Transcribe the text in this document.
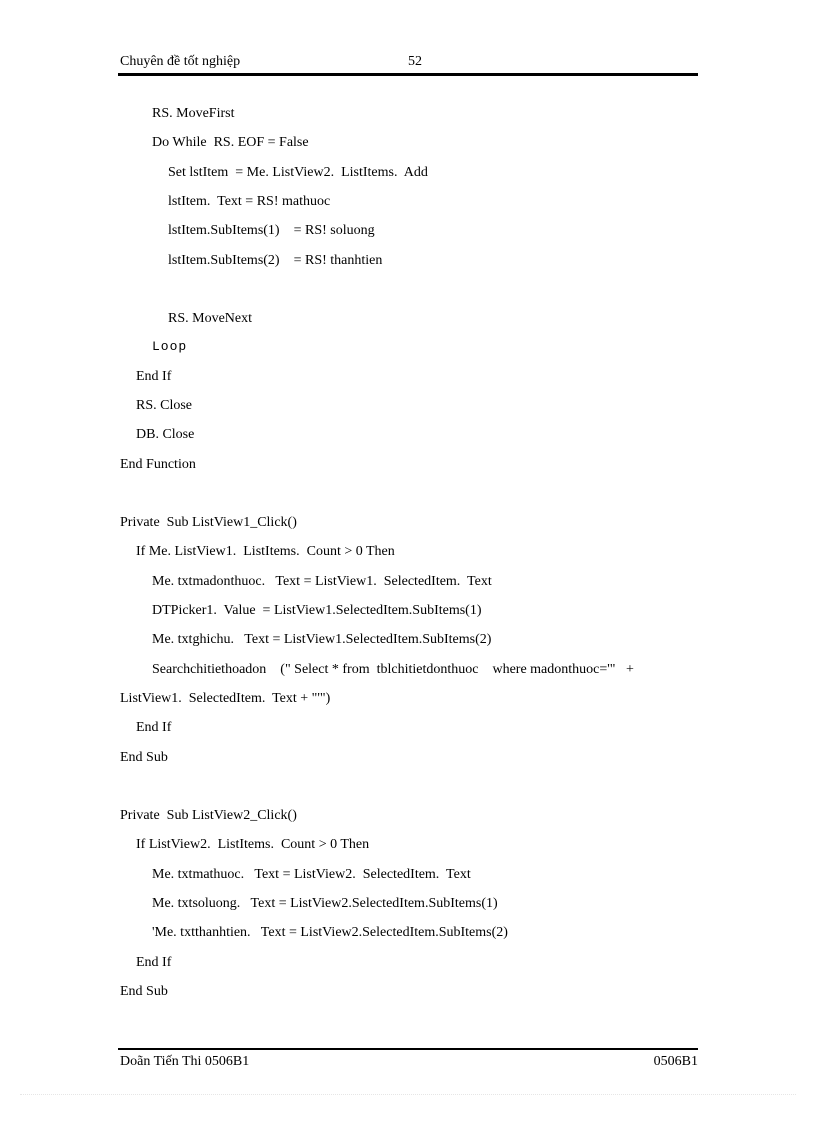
Chuyên đề tốt nghiệp	52
RS. MoveFirst
Do While  RS. EOF = False
Set lstItem  = Me. ListView2.  ListItems.  Add
lstItem.  Text = RS! mathuoc
lstItem.SubItems(1)    = RS! soluong
lstItem.SubItems(2)    = RS! thanhtien
RS. MoveNext
Loop
End If
RS. Close
DB. Close
End Function
Private  Sub ListView1_Click()
If Me. ListView1.  ListItems.  Count > 0 Then
Me. txtmadonthuoc.   Text = ListView1.  SelectedItem.  Text
DTPicker1.  Value  = ListView1.SelectedItem.SubItems(1)
Me. txtghichu.   Text = ListView1.SelectedItem.SubItems(2)
Searchchitiethoadon    (" Select * from  tblchitietdonthuoc    where madonthuoc='"   +
ListView1.  SelectedItem.  Text + "'")
End If
End Sub
Private  Sub ListView2_Click()
If ListView2.  ListItems.  Count > 0 Then
Me. txtmathuoc.   Text = ListView2.  SelectedItem.  Text
Me. txtsoluong.   Text = ListView2.SelectedItem.SubItems(1)
'Me. txtthanhtien.   Text = ListView2.SelectedItem.SubItems(2)
End If
End Sub
Doãn Tiến Thi 0506B1	0506B1
